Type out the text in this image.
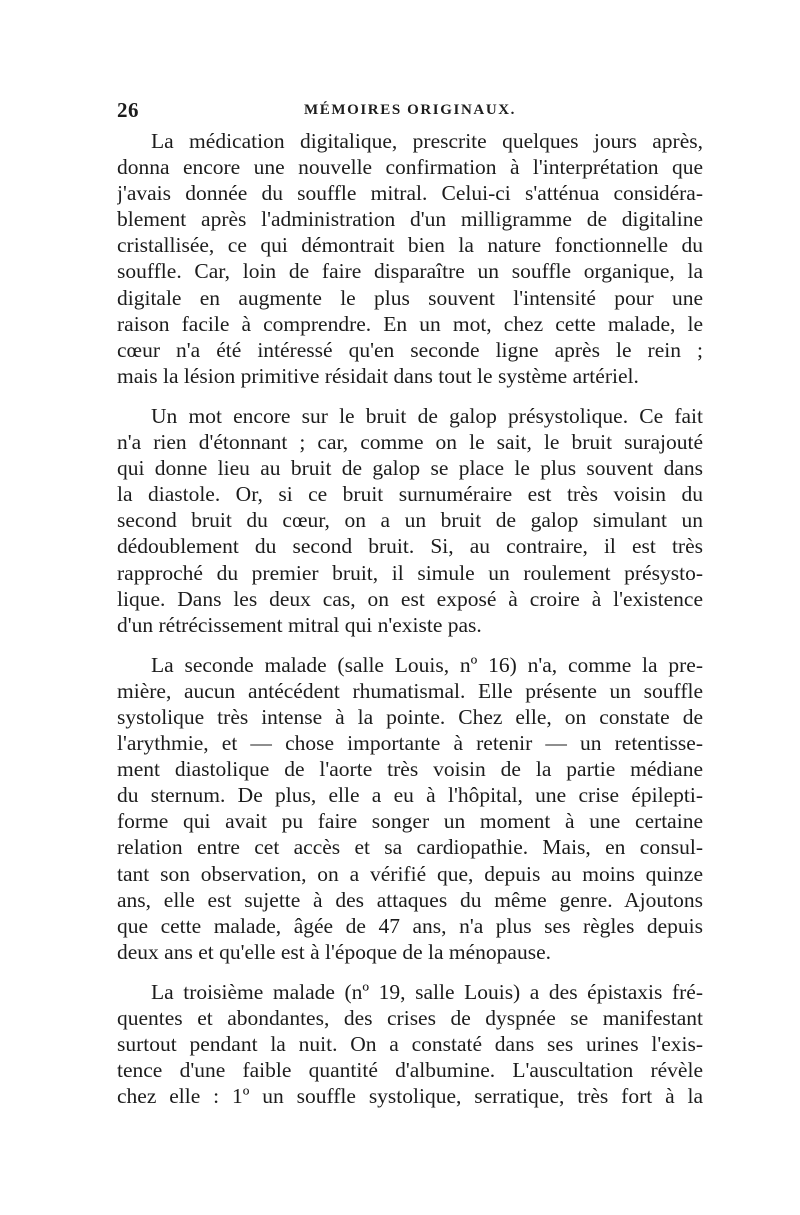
26	MÉMOIRES ORIGINAUX.
La médication digitalique, prescrite quelques jours après,
donna encore une nouvelle confirmation à l'interprétation que
j'avais donnée du souffle mitral. Celui-ci s'atténua considéra-
blement après l'administration d'un milligramme de digitaline
cristallisée, ce qui démontrait bien la nature fonctionnelle du
souffle. Car, loin de faire disparaître un souffle organique, la
digitale en augmente le plus souvent l'intensité pour une
raison facile à comprendre. En un mot, chez cette malade, le
cœur n'a été intéressé qu'en seconde ligne après le rein ;
mais la lésion primitive résidait dans tout le système artériel.
Un mot encore sur le bruit de galop présystolique. Ce fait
n'a rien d'étonnant ; car, comme on le sait, le bruit surajouté
qui donne lieu au bruit de galop se place le plus souvent dans
la diastole. Or, si ce bruit surnuméraire est très voisin du
second bruit du cœur, on a un bruit de galop simulant un
dédoublement du second bruit. Si, au contraire, il est très
rapproché du premier bruit, il simule un roulement présysto-
lique. Dans les deux cas, on est exposé à croire à l'existence
d'un rétrécissement mitral qui n'existe pas.
La seconde malade (salle Louis, nº 16) n'a, comme la pre-
mière, aucun antécédent rhumatismal. Elle présente un souffle
systolique très intense à la pointe. Chez elle, on constate de
l'arythmie, et — chose importante à retenir — un retentisse-
ment diastolique de l'aorte très voisin de la partie médiane
du sternum. De plus, elle a eu à l'hôpital, une crise épilepti-
forme qui avait pu faire songer un moment à une certaine
relation entre cet accès et sa cardiopathie. Mais, en consul-
tant son observation, on a vérifié que, depuis au moins quinze
ans, elle est sujette à des attaques du même genre. Ajoutons
que cette malade, âgée de 47 ans, n'a plus ses règles depuis
deux ans et qu'elle est à l'époque de la ménopause.
La troisième malade (nº 19, salle Louis) a des épistaxis fré-
quentes et abondantes, des crises de dyspnée se manifestant
surtout pendant la nuit. On a constaté dans ses urines l'exis-
tence d'une faible quantité d'albumine. L'auscultation révèle
chez elle : 1º un souffle systolique, serratique, très fort à la
